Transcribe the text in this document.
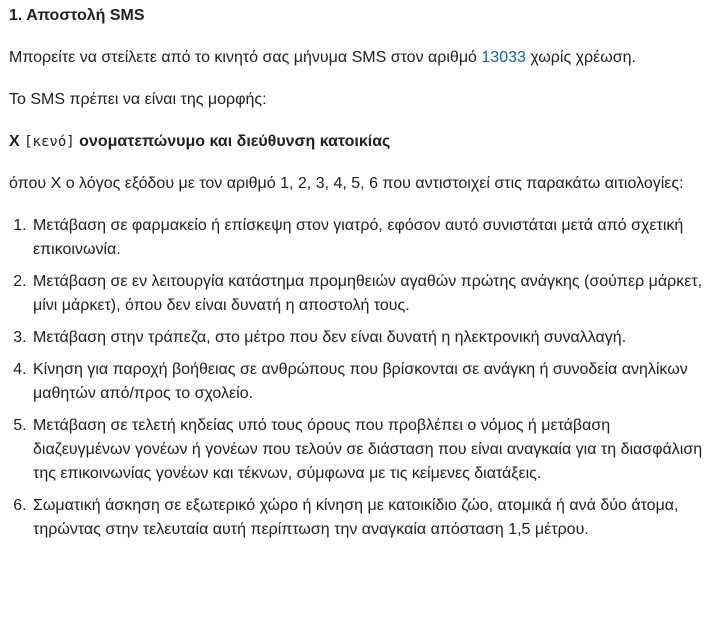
1. Αποστολή SMS

Μπορείτε να στείλετε από το κινητό σας μήνυμα SMS στον αριθμό 13033 χωρίς χρέωση.

Το SMS πρέπει να είναι της μορφής:

Χ [κενό] ονοματεπώνυμο και διεύθυνση κατοικίας

όπου Χ ο λόγος εξόδου με τον αριθμό 1, 2, 3, 4, 5, 6 που αντιστοιχεί στις παρακάτω αιτιολογίες:

1. Μετάβαση σε φαρμακείο ή επίσκεψη στον γιατρό, εφόσον αυτό συνιστάται μετά από σχετική επικοινωνία.
2. Μετάβαση σε εν λειτουργία κατάστημα προμηθειών αγαθών πρώτης ανάγκης (σούπερ μάρκετ, μίνι μάρκετ), όπου δεν είναι δυνατή η αποστολή τους.
3. Μετάβαση στην τράπεζα, στο μέτρο που δεν είναι δυνατή η ηλεκτρονική συναλλαγή.
4. Κίνηση για παροχή βοήθειας σε ανθρώπους που βρίσκονται σε ανάγκη ή συνοδεία ανηλίκων μαθητών από/προς το σχολείο.
5. Μετάβαση σε τελετή κηδείας υπό τους όρους που προβλέπει ο νόμος ή μετάβαση διαζευγμένων γονέων ή γονέων που τελούν σε διάσταση που είναι αναγκαία για τη διασφάλιση της επικοινωνίας γονέων και τέκνων, σύμφωνα με τις κείμενες διατάξεις.
6. Σωματική άσκηση σε εξωτερικό χώρο ή κίνηση με κατοικίδιο ζώο, ατομικά ή ανά δύο άτομα, τηρώντας στην τελευταία αυτή περίπτωση την αναγκαία απόσταση 1,5 μέτρου.
